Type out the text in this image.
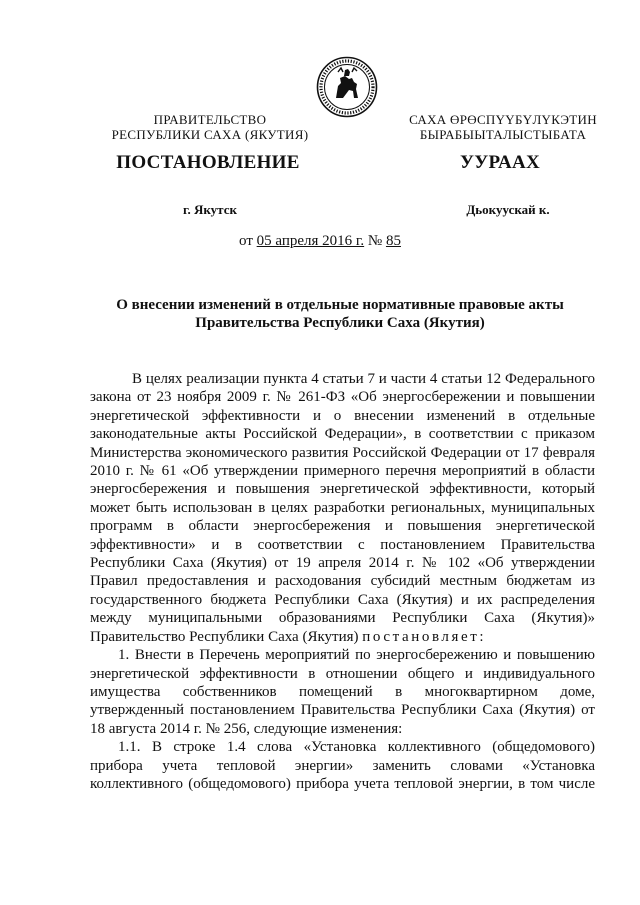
ПРАВИТЕЛЬСТВО
РЕСПУБЛИКИ САХА (ЯКУТИЯ)
САХА ӨРӨСПҮҮБҮЛҮКЭТИН
БЫРАБЫЫТАЛЫСТЫБАТА
ПОСТАНОВЛЕНИЕ	УУРААХ
г. Якутск	Дьокуускай к.
от 05 апреля 2016 г. № 85
О внесении изменений в отдельные нормативные правовые акты
Правительства Республики Саха (Якутия)
В целях реализации пункта 4 статьи 7 и части 4 статьи 12 Федерального
закона от 23 ноября 2009 г. № 261-ФЗ «Об энергосбережении и повышении
энергетической эффективности и о внесении изменений в отдельные
законодательные акты Российской Федерации», в соответствии с приказом
Министерства экономического развития Российской Федерации от 17 февраля
2010 г. № 61 «Об утверждении примерного перечня мероприятий в области
энергосбережения и повышения энергетической эффективности, который
может быть использован в целях разработки региональных, муниципальных
программ в области энергосбережения и повышения энергетической
эффективности» и в соответствии с постановлением Правительства
Республики Саха (Якутия) от 19 апреля 2014 г. № 102 «Об утверждении
Правил предоставления и расходования субсидий местным бюджетам из
государственного бюджета Республики Саха (Якутия) и их распределения
между муниципальными образованиями Республики Саха (Якутия)»
Правительство Республики Саха (Якутия) постановляет:
1. Внести в Перечень мероприятий по энергосбережению и повышению
энергетической эффективности в отношении общего и индивидуального
имущества собственников помещений в многоквартирном доме,
утвержденный постановлением Правительства Республики Саха (Якутия) от
18 августа 2014 г. № 256, следующие изменения:
1.1. В строке 1.4 слова «Установка коллективного (общедомового)
прибора учета тепловой энергии» заменить словами «Установка
коллективного (общедомового) прибора учета тепловой энергии, в том числе
